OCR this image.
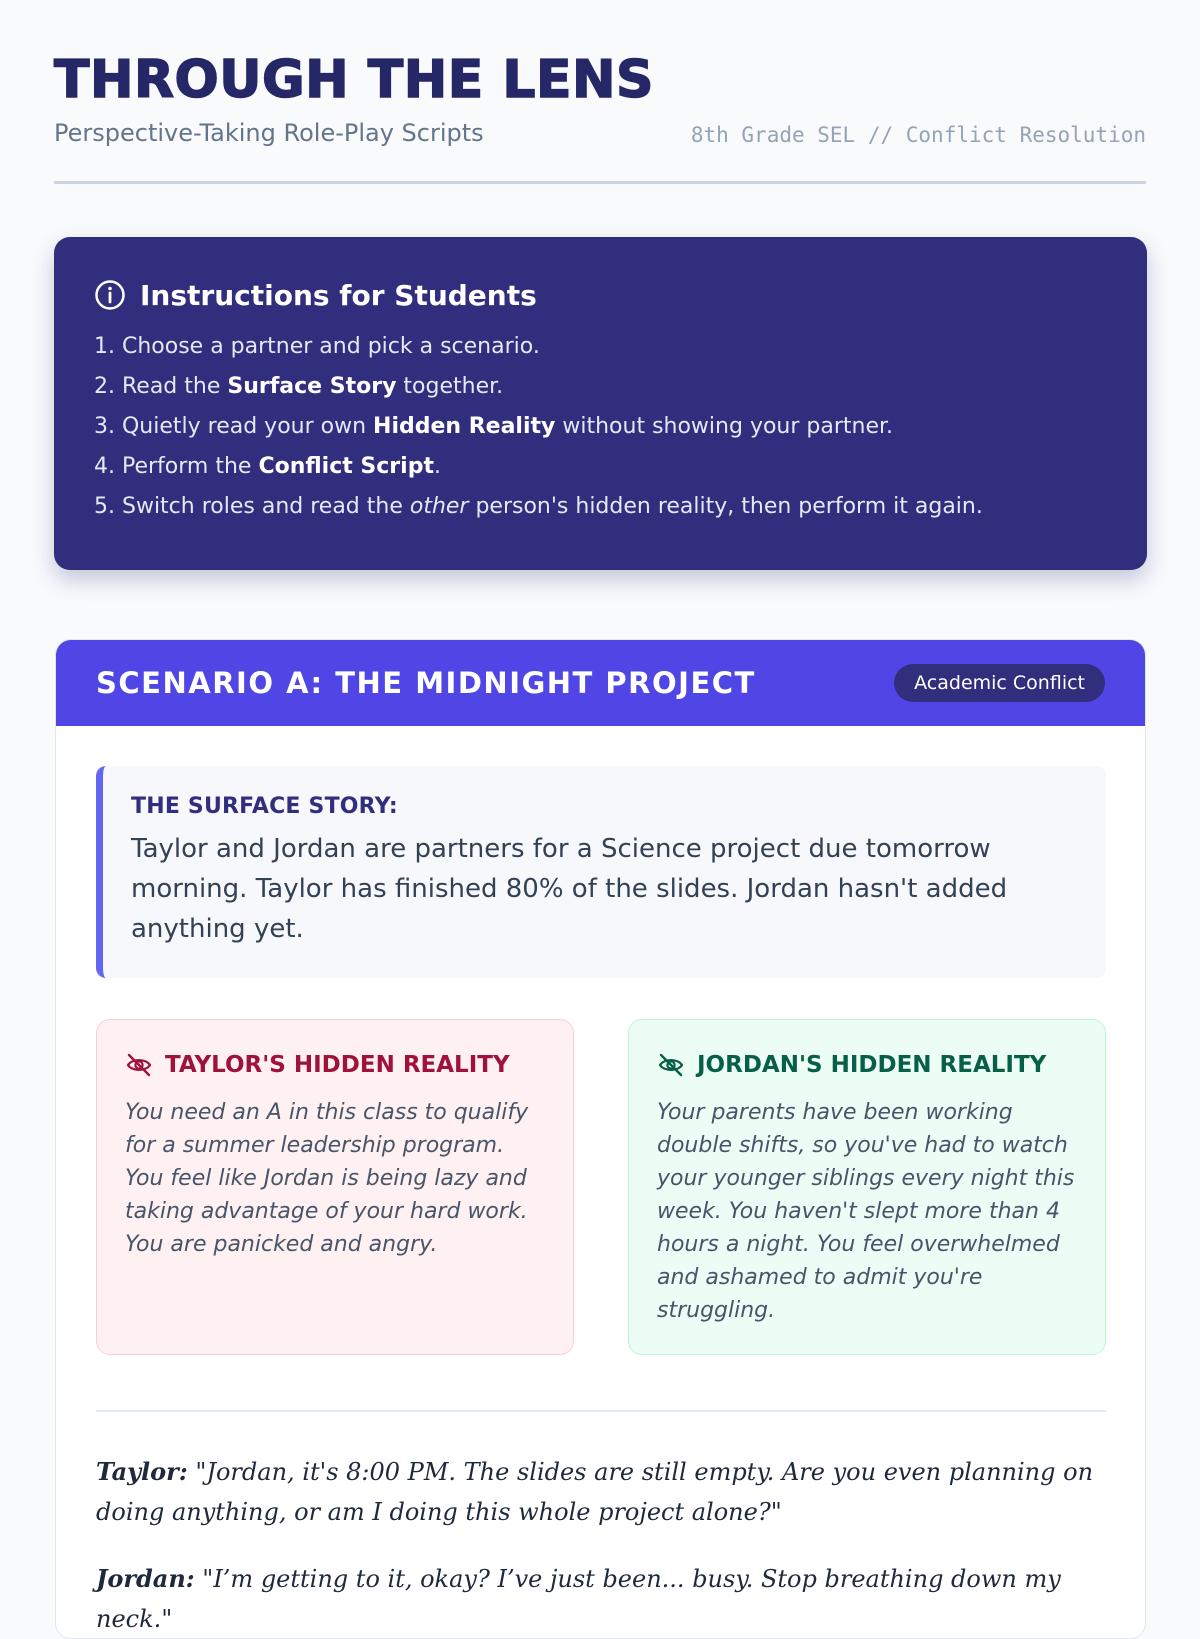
THROUGH THE LENS
Perspective-Taking Role-Play Scripts	8th Grade SEL // Conflict Resolution
Instructions for Students
1. Choose a partner and pick a scenario.
2. Read the Surface Story together.
3. Quietly read your own Hidden Reality without showing your partner.
4. Perform the Conflict Script.
5. Switch roles and read the other person's hidden reality, then perform it again.
SCENARIO A: THE MIDNIGHT PROJECT	Academic Conflict
THE SURFACE STORY:
Taylor and Jordan are partners for a Science project due tomorrow morning. Taylor has finished 80% of the slides. Jordan hasn't added anything yet.
TAYLOR'S HIDDEN REALITY
You need an A in this class to qualify for a summer leadership program. You feel like Jordan is being lazy and taking advantage of your hard work. You are panicked and angry.
JORDAN'S HIDDEN REALITY
Your parents have been working double shifts, so you've had to watch your younger siblings every night this week. You haven't slept more than 4 hours a night. You feel overwhelmed and ashamed to admit you're struggling.

Taylor: "Jordan, it's 8:00 PM. The slides are still empty. Are you even planning on doing anything, or am I doing this whole project alone?"

Jordan: "I’m getting to it, okay? I’ve just been... busy. Stop breathing down my neck."
